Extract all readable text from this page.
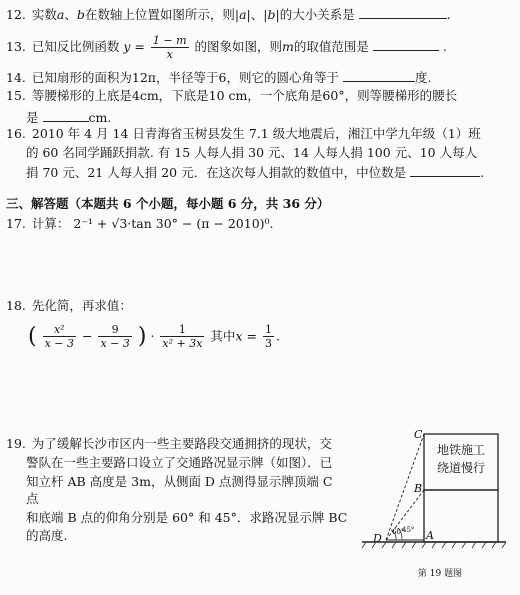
12. 实数a、b在数轴上位置如图所示，则|a|、|b|的大小关系是	.
13. 已知反比例函数 $y = \frac{1 - m}{x}$ 的图象如图，则m的取值范围是	.
14. 已知扇形的面积为12π，半径等于6，则它的圆心角等于	度.
15. 等腰梯形的上底是4cm，下底是10 cm，一个底角是60°，则等腰梯形的腰长
是	cm.
16. 2010 年 4 月 14 日青海省玉树县发生 7.1 级大地震后，湘江中学九年级（1）班
的 60 名同学踊跃捐款. 有 15 人每人捐 30 元、14 人每人捐 100 元、10 人每人
捐 70 元、21 人每人捐 20 元．在这次每人捐款的数值中，中位数是	.
三、解答题（本题共 6 个小题，每小题 6 分，共 36 分）
17. 计算： 2⁻¹ + √3·tan 30° − (π − 2010)⁰.
18. 先化简，再求值：
( $\frac{\text{x²}}{x - 3} - \frac{9}{x - 3}$ ) · $\frac{1}{\text{x² + 3x}}$ 其中$x = \frac{1}{3}$ .
19. 为了缓解长沙市区内一些主要路段交通拥挤的现状，交
警队在一些主要路口设立了交通路况显示牌（如图）．已
知立杆 AB 高度是 3m，从侧面 D 点测得显示牌顶端 C 点
和底端 B 点的仰角分别是 60° 和 45°．求路况显示牌 BC
的高度.
地铁施工
绕道慢行
C
B
A
D 60°
45°
第 19 题图
